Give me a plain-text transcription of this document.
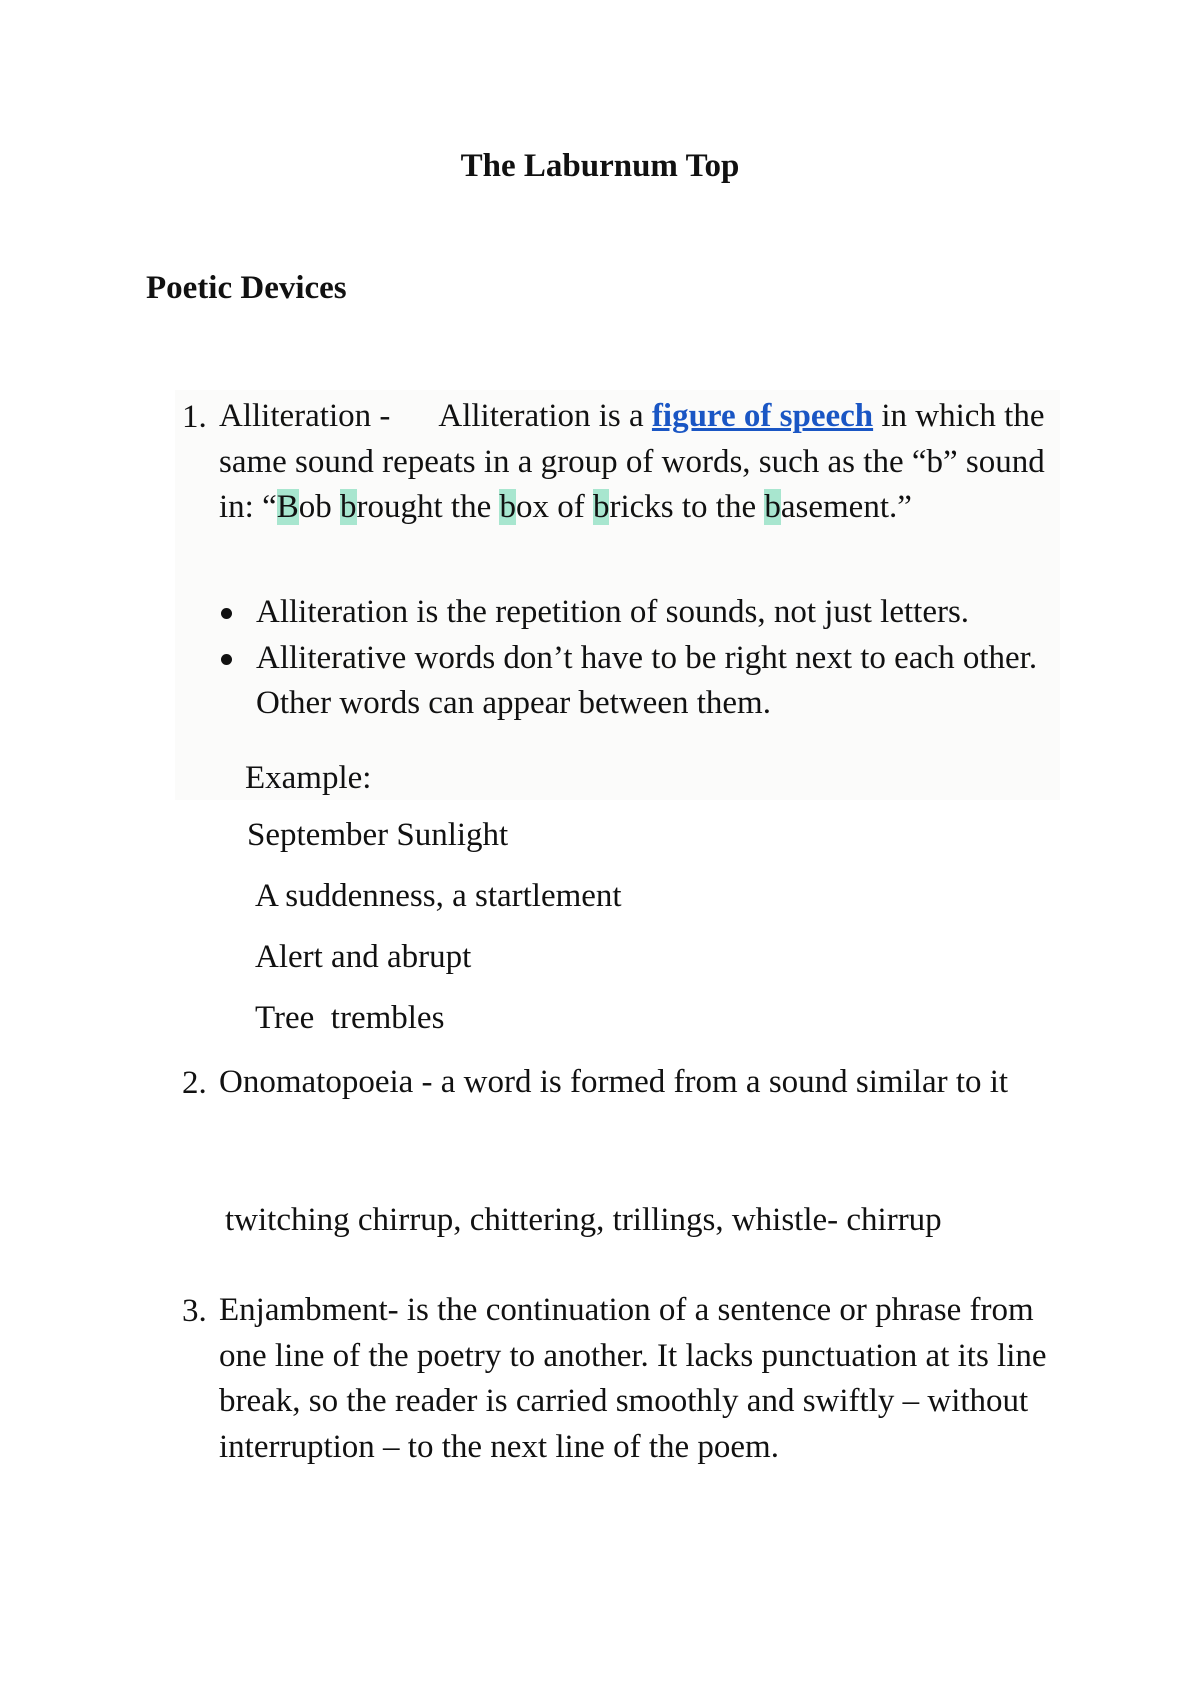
The Laburnum Top
Poetic Devices
1. Alliteration - Alliteration is a figure of speech in which the same sound repeats in a group of words, such as the “b” sound in: “Bob brought the box of bricks to the basement.”
Alliteration is the repetition of sounds, not just letters.
Alliterative words don’t have to be right next to each other. Other words can appear between them.
Example:
September Sunlight
A suddenness, a startlement
Alert and abrupt
Tree  trembles
2. Onomatopoeia - a word is formed from a sound similar to it
twitching chirrup, chittering, trillings, whistle- chirrup
3. Enjambment- is the continuation of a sentence or phrase from one line of the poetry to another. It lacks punctuation at its line break, so the reader is carried smoothly and swiftly – without interruption – to the next line of the poem.
